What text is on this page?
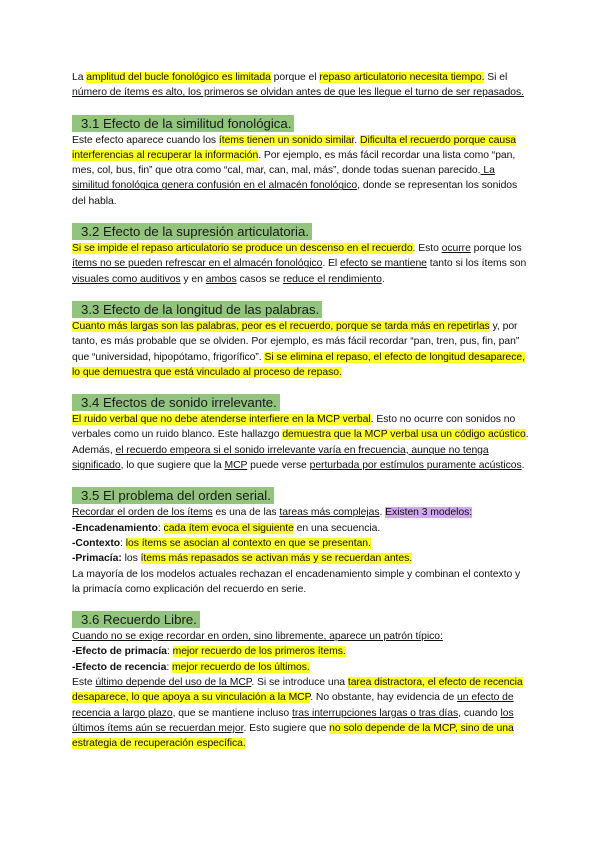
La amplitud del bucle fonológico es limitada porque el repaso articulatorio necesita tiempo. Si el número de ítems es alto, los primeros se olvidan antes de que les llegue el turno de ser repasados.

3.1 Efecto de la similitud fonológica.

Este efecto aparece cuando los ítems tienen un sonido similar. Dificulta el recuerdo porque causa interferencias al recuperar la información. Por ejemplo, es más fácil recordar una lista como “pan, mes, col, bus, fin” que otra como “cal, mar, can, mal, más”, donde todas suenan parecido. La similitud fonológica genera confusión en el almacén fonológico, donde se representan los sonidos del habla.

3.2 Efecto de la supresión articulatoria.

Si se impide el repaso articulatorio se produce un descenso en el recuerdo. Esto ocurre porque los ítems no se pueden refrescar en el almacén fonológico. El efecto se mantiene tanto si los ítems son visuales como auditivos y en ambos casos se reduce el rendimiento.

3.3 Efecto de la longitud de las palabras.

Cuanto más largas son las palabras, peor es el recuerdo, porque se tarda más en repetirlas y, por tanto, es más probable que se olviden. Por ejemplo, es más fácil recordar “pan, tren, pus, fin, pan” que “universidad, hipopótamo, frigorífico”. Si se elimina el repaso, el efecto de longitud desaparece, lo que demuestra que está vinculado al proceso de repaso.

3.4 Efectos de sonido irrelevante.

El ruido verbal que no debe atenderse interfiere en la MCP verbal. Esto no ocurre con sonidos no verbales como un ruido blanco. Este hallazgo demuestra que la MCP verbal usa un código acústico. Además, el recuerdo empeora si el sonido irrelevante varía en frecuencia, aunque no tenga significado, lo que sugiere que la MCP puede verse perturbada por estímulos puramente acústicos.

3.5 El problema del orden serial.

Recordar el orden de los ítems es una de las tareas más complejas. Existen 3 modelos:

-Encadenamiento: cada ítem evoca el siguiente en una secuencia.

-Contexto: los ítems se asocian al contexto en que se presentan.

-Primacía: los ítems más repasados se activan más y se recuerdan antes.

La mayoría de los modelos actuales rechazan el encadenamiento simple y combinan el contexto y la primacía como explicación del recuerdo en serie.

3.6 Recuerdo Libre.

Cuando no se exige recordar en orden, sino libremente, aparece un patrón típico:

-Efecto de primacía: mejor recuerdo de los primeros ítems.

-Efecto de recencia: mejor recuerdo de los últimos.

Este último depende del uso de la MCP. Si se introduce una tarea distractora, el efecto de recencia desaparece, lo que apoya a su vinculación a la MCP. No obstante, hay evidencia de un efecto de recencia a largo plazo, que se mantiene incluso tras interrupciones largas o tras días, cuando los últimos ítems aún se recuerdan mejor. Esto sugiere que no solo depende de la MCP, sino de una estrategia de recuperación específica.
